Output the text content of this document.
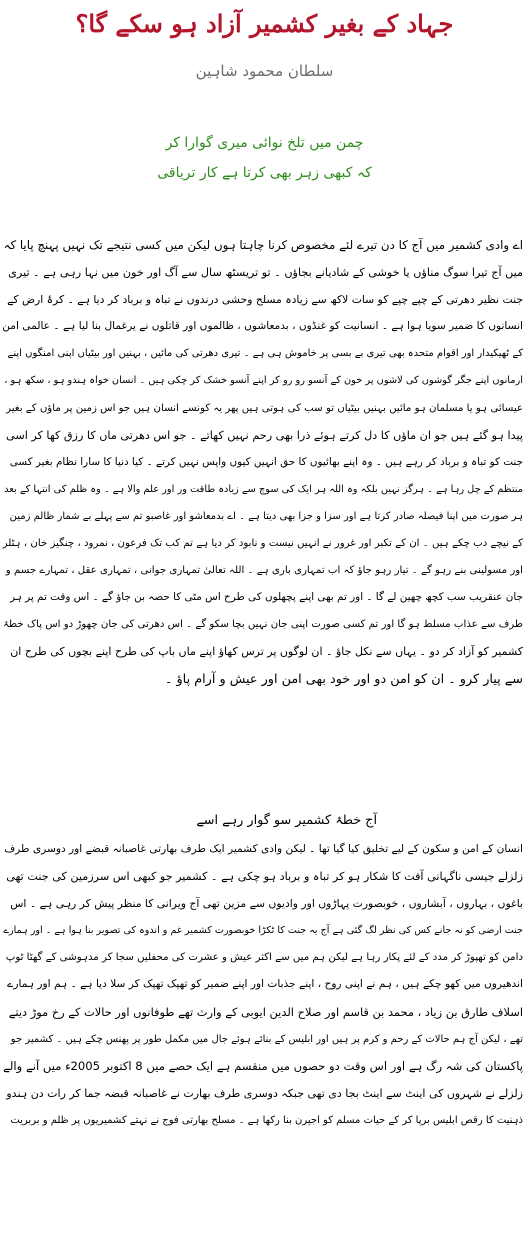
جہاد کے بغیر کشمیر آزاد ہو سکے گا؟
سلطان محمود شاہین
چمن میں تلخ نوائی میری گوارا کر
کہ کبھی زہر بھی کرتا ہے کار تریاقی
اے وادی کشمیر میں آج کا دن تیرے لئے مخصوص کرنا چاہتا ہوں لیکن میں کسی نتیجے تک نہیں پہنچ پایا کہ
میں آج تیرا سوگ مناؤں یا خوشی کے شادیانے بجاؤں ۔ تو تریسٹھ سال سے آگ اور خون میں نہا رہی ہے ۔ تیری
جنت نظیر دھرتی کے چپے چپے کو سات لاکھ سے زیادہ مسلح وحشی درندوں نے تباہ و برباد کر دیا ہے ۔ کرۂ ارض کے
انسانوں کا ضمیر سویا ہوا ہے ۔ انسانیت کو غنڈوں ، بدمعاشوں ، ظالموں اور قاتلوں نے یرغمال بنا لیا ہے ۔ عالمی امن
کے ٹھیکیدار اور اقوام متحدہ بھی تیری بے بسی پر خاموش ہی ہے ۔ تیری دھرتی کی مائیں ، بہنیں اور بیٹیاں اپنی امنگوں اپنے
ارمانوں اپنے جگر گوشوں کی لاشوں پر خون کے آنسو رو رو کر اپنے آنسو خشک کر چکی ہیں ۔ انسان خواہ ہندو ہو ، سکھ ہو ،
عیسائی ہو یا مسلمان ہو مائیں بہنیں بیٹیاں تو سب کی ہوتی ہیں پھر یہ کونسے انسان ہیں جو اس زمین پر ماؤں کے بغیر
پیدا ہو گئے ہیں جو ان ماؤں کا دل کرتے ہوئے ذرا بھی رحم نہیں کھاتے ۔ جو اس دھرتی ماں کا رزق کھا کر اسی
جنت کو تباہ و برباد کر رہے ہیں ۔ وہ اپنے بھائیوں کا حق انہیں کیوں واپس نہیں کرتے ۔ کیا دنیا کا سارا نظام بغیر کسی
منتظم کے چل رہا ہے ۔ ہرگز نہیں بلکہ وہ اللہ ہر ایک کی سوچ سے زیادہ طاقت ور اور علم والا ہے ۔ وہ ظلم کی انتہا کے بعد
ہر صورت میں اپنا فیصلہ صادر کرتا ہے اور سزا و جزا بھی دیتا ہے ۔ اے بدمعاشو اور غاصبو تم سے پہلے بے شمار ظالم زمین
کے نیچے دب چکے ہیں ۔ ان کے تکبر اور غرور نے انہیں نیست و نابود کر دیا ہے تم کب تک فرعون ، نمرود ، چنگیز خان ، ہٹلر
اور مسولینی بنے رہو گے ۔ تیار رہو جاؤ کہ اب تمہاری باری ہے ۔ اللہ تعالیٰ تمہاری جوانی ، تمہاری عقل ، تمہارے جسم و
جان عنقریب سب کچھ چھین لے گا ۔ اور تم بھی اپنے پچھلوں کی طرح اس مٹی کا حصہ بن جاؤ گے ۔ اس وقت تم پر ہر
طرف سے عذاب مسلط ہو گا اور تم کسی صورت اپنی جان نہیں بچا سکو گے ۔ اس دھرتی کی جان چھوڑ دو اس پاک خطۂ
کشمیر کو آزاد کر دو ۔ یہاں سے نکل جاؤ ۔ ان لوگوں پر ترس کھاؤ اپنے ماں باپ کی طرح اپنے بچوں کی طرح ان
سے پیار کرو ۔ ان کو امن دو اور خود بھی امن اور عیش و آرام پاؤ ۔
آج خطۂ کشمیر سو گوار رہے اسے
انسان کے امن و سکون کے لیے تخلیق کیا گیا تھا ۔ لیکن وادی کشمیر ایک طرف بھارتی غاصبانہ قبضے اور دوسری طرف
زلزلے جیسی ناگہانی آفت کا شکار ہو کر تباہ و برباد ہو چکی ہے ۔ کشمیر جو کبھی اس سرزمین کی جنت تھی
باغوں ، بہاروں ، آبشاروں ، خوبصورت پہاڑوں اور وادیوں سے مزین تھی آج ویرانی کا منظر پیش کر رہی ہے ۔ اس
جنت ارضی کو نہ جانے کس کی نظر لگ گئی ہے آج یہ جنت کا ٹکڑا خوبصورت کشمیر غم و اندوہ کی تصویر بنا ہوا ہے ۔ اور ہمارے
دامن کو تھپوڑ کر مدد کے لئے پکار رہا ہے لیکن ہم میں سے اکثر عیش و عشرت کی محفلیں سجا کر مدہوشی کے گھٹا ٹوپ
اندھیروں میں کھو چکے ہیں ، ہم نے اپنی روح ، اپنے جذبات اور اپنے ضمیر کو تھپک تھپک کر سلا دیا ہے ۔ ہم اور ہمارے
اسلاف طارق بن زیاد ، محمد بن قاسم اور صلاح الدین ایوبی کے وارث تھے طوفانوں اور حالات کے رخ موڑ دیتے
تھے ، لیکن آج ہم حالات کے رحم و کرم پر ہیں اور ابلیس کے بنائے ہوئے جال میں مکمل طور پر پھنس چکے ہیں ۔ کشمیر جو
پاکستان کی شہ رگ ہے اور اس وقت دو حصوں میں منقسم ہے ایک حصے میں 8 اکتوبر 2005ء میں آنے والے
زلزلے نے شہروں کی اینٹ سے اینٹ بجا دی تھی جبکہ دوسری طرف بھارت نے غاصبانہ قبضہ جما کر رات دن ہندو
ذہنیت کا رقص ابلیس برپا کر کے حیات مسلم کو اجیرن بنا رکھا ہے ۔ مسلح بھارتی فوج نے نہتے کشمیریوں پر ظلم و بربریت
